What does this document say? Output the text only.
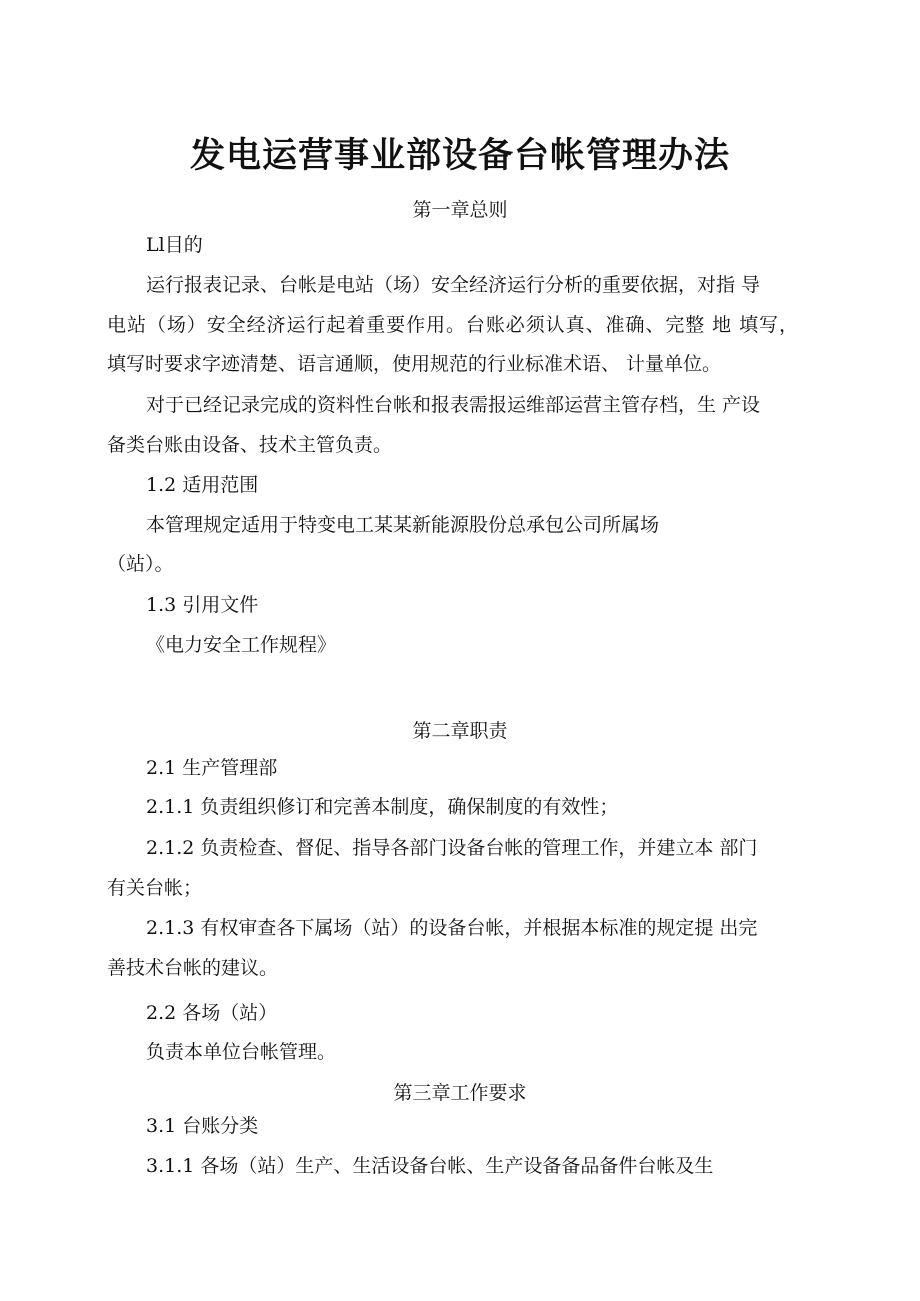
发电运营事业部设备台帐管理办法

第一章总则

Ll目的

运行报表记录、台帐是电站（场）安全经济运行分析的重要依据，对指 导

电站（场）安全经济运行起着重要作用。台账必须认真、准确、完整 地 填写，

填写时要求字迹清楚、语言通顺，使用规范的行业标准术语、 计量单位。

对于已经记录完成的资料性台帐和报表需报运维部运营主管存档，生 产设

备类台账由设备、技术主管负责。

1.2 适用范围

本管理规定适用于特变电工某某新能源股份总承包公司所属场

（站）。

1.3 引用文件

《电力安全工作规程》

第二章职责

2.1 生产管理部

2.1.1 负责组织修订和完善本制度，确保制度的有效性；

2.1.2 负责检查、督促、指导各部门设备台帐的管理工作，并建立本 部门

有关台帐；

2.1.3 有权审查各下属场（站）的设备台帐，并根据本标准的规定提 出完

善技术台帐的建议。

2.2 各场（站）

负责本单位台帐管理。

第三章工作要求

3.1 台账分类

3.1.1 各场（站）生产、生活设备台帐、生产设备备品备件台帐及生
